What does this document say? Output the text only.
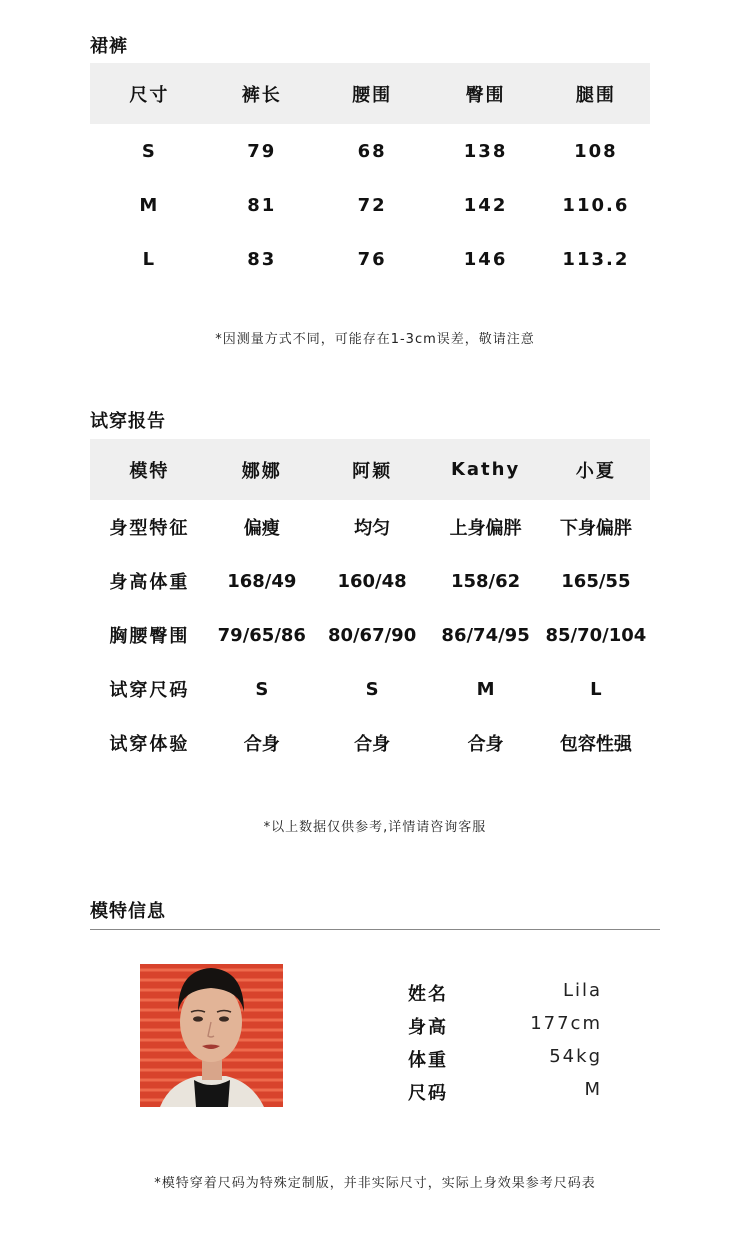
裙裤
尺寸	裤长	腰围	臀围	腿围
S	79	68	138	108
M	81	72	142	110.6
L	83	76	146	113.2
*因测量方式不同，可能存在1-3cm误差，敬请注意
试穿报告
模特	娜娜	阿颖	Kathy	小夏
身型特征	偏瘦	均匀	上身偏胖	下身偏胖
身高体重	168/49	160/48	158/62	165/55
胸腰臀围	79/65/86	80/67/90	86/74/95	85/70/104
试穿尺码	S	S	M	L
试穿体验	合身	合身	合身	包容性强
*以上数据仅供参考,详情请咨询客服
模特信息
姓名	Lila
身高	177cm
体重	54kg
尺码	M
*模特穿着尺码为特殊定制版，并非实际尺寸，实际上身效果参考尺码表
